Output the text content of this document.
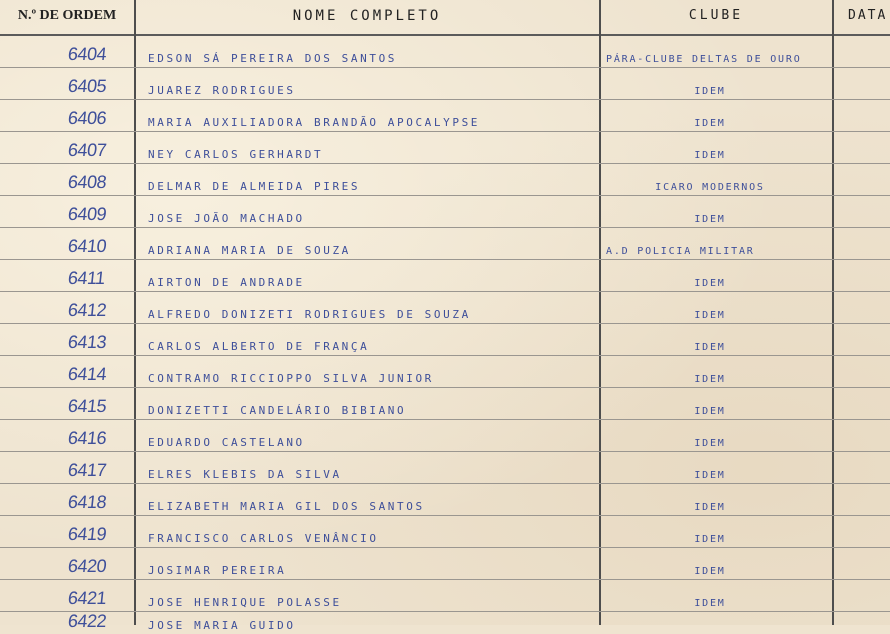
N.º DE ORDEM	NOME COMPLETO	CLUBE	DATA
6404	EDSON SÁ PEREIRA DOS SANTOS	PÁRA-CLUBE DELTAS DE OURO
6405	JUAREZ RODRIGUES	IDEM
6406	MARIA AUXILIADORA BRANDÃO APOCALYPSE	IDEM
6407	NEY CARLOS GERHARDT	IDEM
6408	DELMAR DE ALMEIDA PIRES	ICARO MODERNOS
6409	JOSE JOÃO MACHADO	IDEM
6410	ADRIANA MARIA DE SOUZA	A.D POLICIA MILITAR
6411	AIRTON DE ANDRADE	IDEM
6412	ALFREDO DONIZETI RODRIGUES DE SOUZA	IDEM
6413	CARLOS ALBERTO DE FRANÇA	IDEM
6414	CONTRAMO RICCIOPPO SILVA JUNIOR	IDEM
6415	DONIZETTI CANDELÁRIO BIBIANO	IDEM
6416	EDUARDO CASTELANO	IDEM
6417	ELRES KLEBIS DA SILVA	IDEM
6418	ELIZABETH MARIA GIL DOS SANTOS	IDEM
6419	FRANCISCO CARLOS VENÂNCIO	IDEM
6420	JOSIMAR PEREIRA	IDEM
6421	JOSE HENRIQUE POLASSE	IDEM
6422	JOSE MARIA GUIDO
